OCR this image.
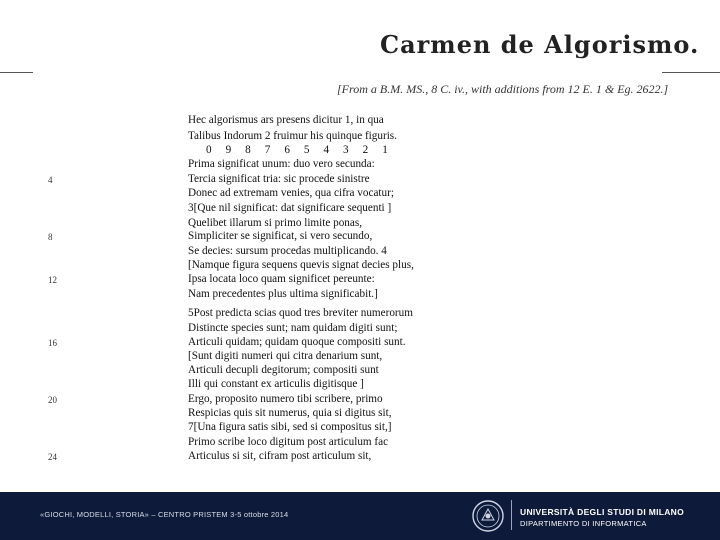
Carmen de Algorismo.
[From a B.M. MS., 8 C. iv., with additions from 12 E. 1 & Eg. 2622.]
Hec algorismus ars presens dicitur 1, in qua
Talibus Indorum 2 fruimur his quinque figuris.
0     9     8     7     6     5     4     3     2     1
Prima significat unum: duo vero secunda:
Tercia significat tria: sic procede sinistre
Donec ad extremam venies, qua cifra vocatur;
3[Que nil significat: dat significare sequenti ]
Quelibet illarum si primo limite ponas,
Simpliciter se significat, si vero secundo,
Se decies: sursum procedas multiplicando. 4
[Namque figura sequens quevis signat decies plus,
Ipsa locata loco quam significet pereunte:
Nam precedentes plus ultima significabit.]
5Post predicta scias quod tres breviter numerorum
Distincte species sunt; nam quidam digiti sunt;
Articuli quidam; quidam quoque compositi sunt.
[Sunt digiti numeri qui citra denarium sunt,
Articuli decupli degitorum; compositi sunt
Illi qui constant ex articulis digitisque ]
Ergo, proposito numero tibi scribere, primo
Respicias quis sit numerus, quia si digitus sit,
7[Una figura satis sibi, sed si compositus sit,]
Primo scribe loco digitum post articulum fac
Articulus si sit, cifram post articulum sit,
4
8
12
16
20
24
«GIOCHI, MODELLI, STORIA» – CENTRO PRISTEM 3-5 ottobre 2014	UNIVERSITÀ DEGLI STUDI DI MILANO
DIPARTIMENTO DI INFORMATICA
